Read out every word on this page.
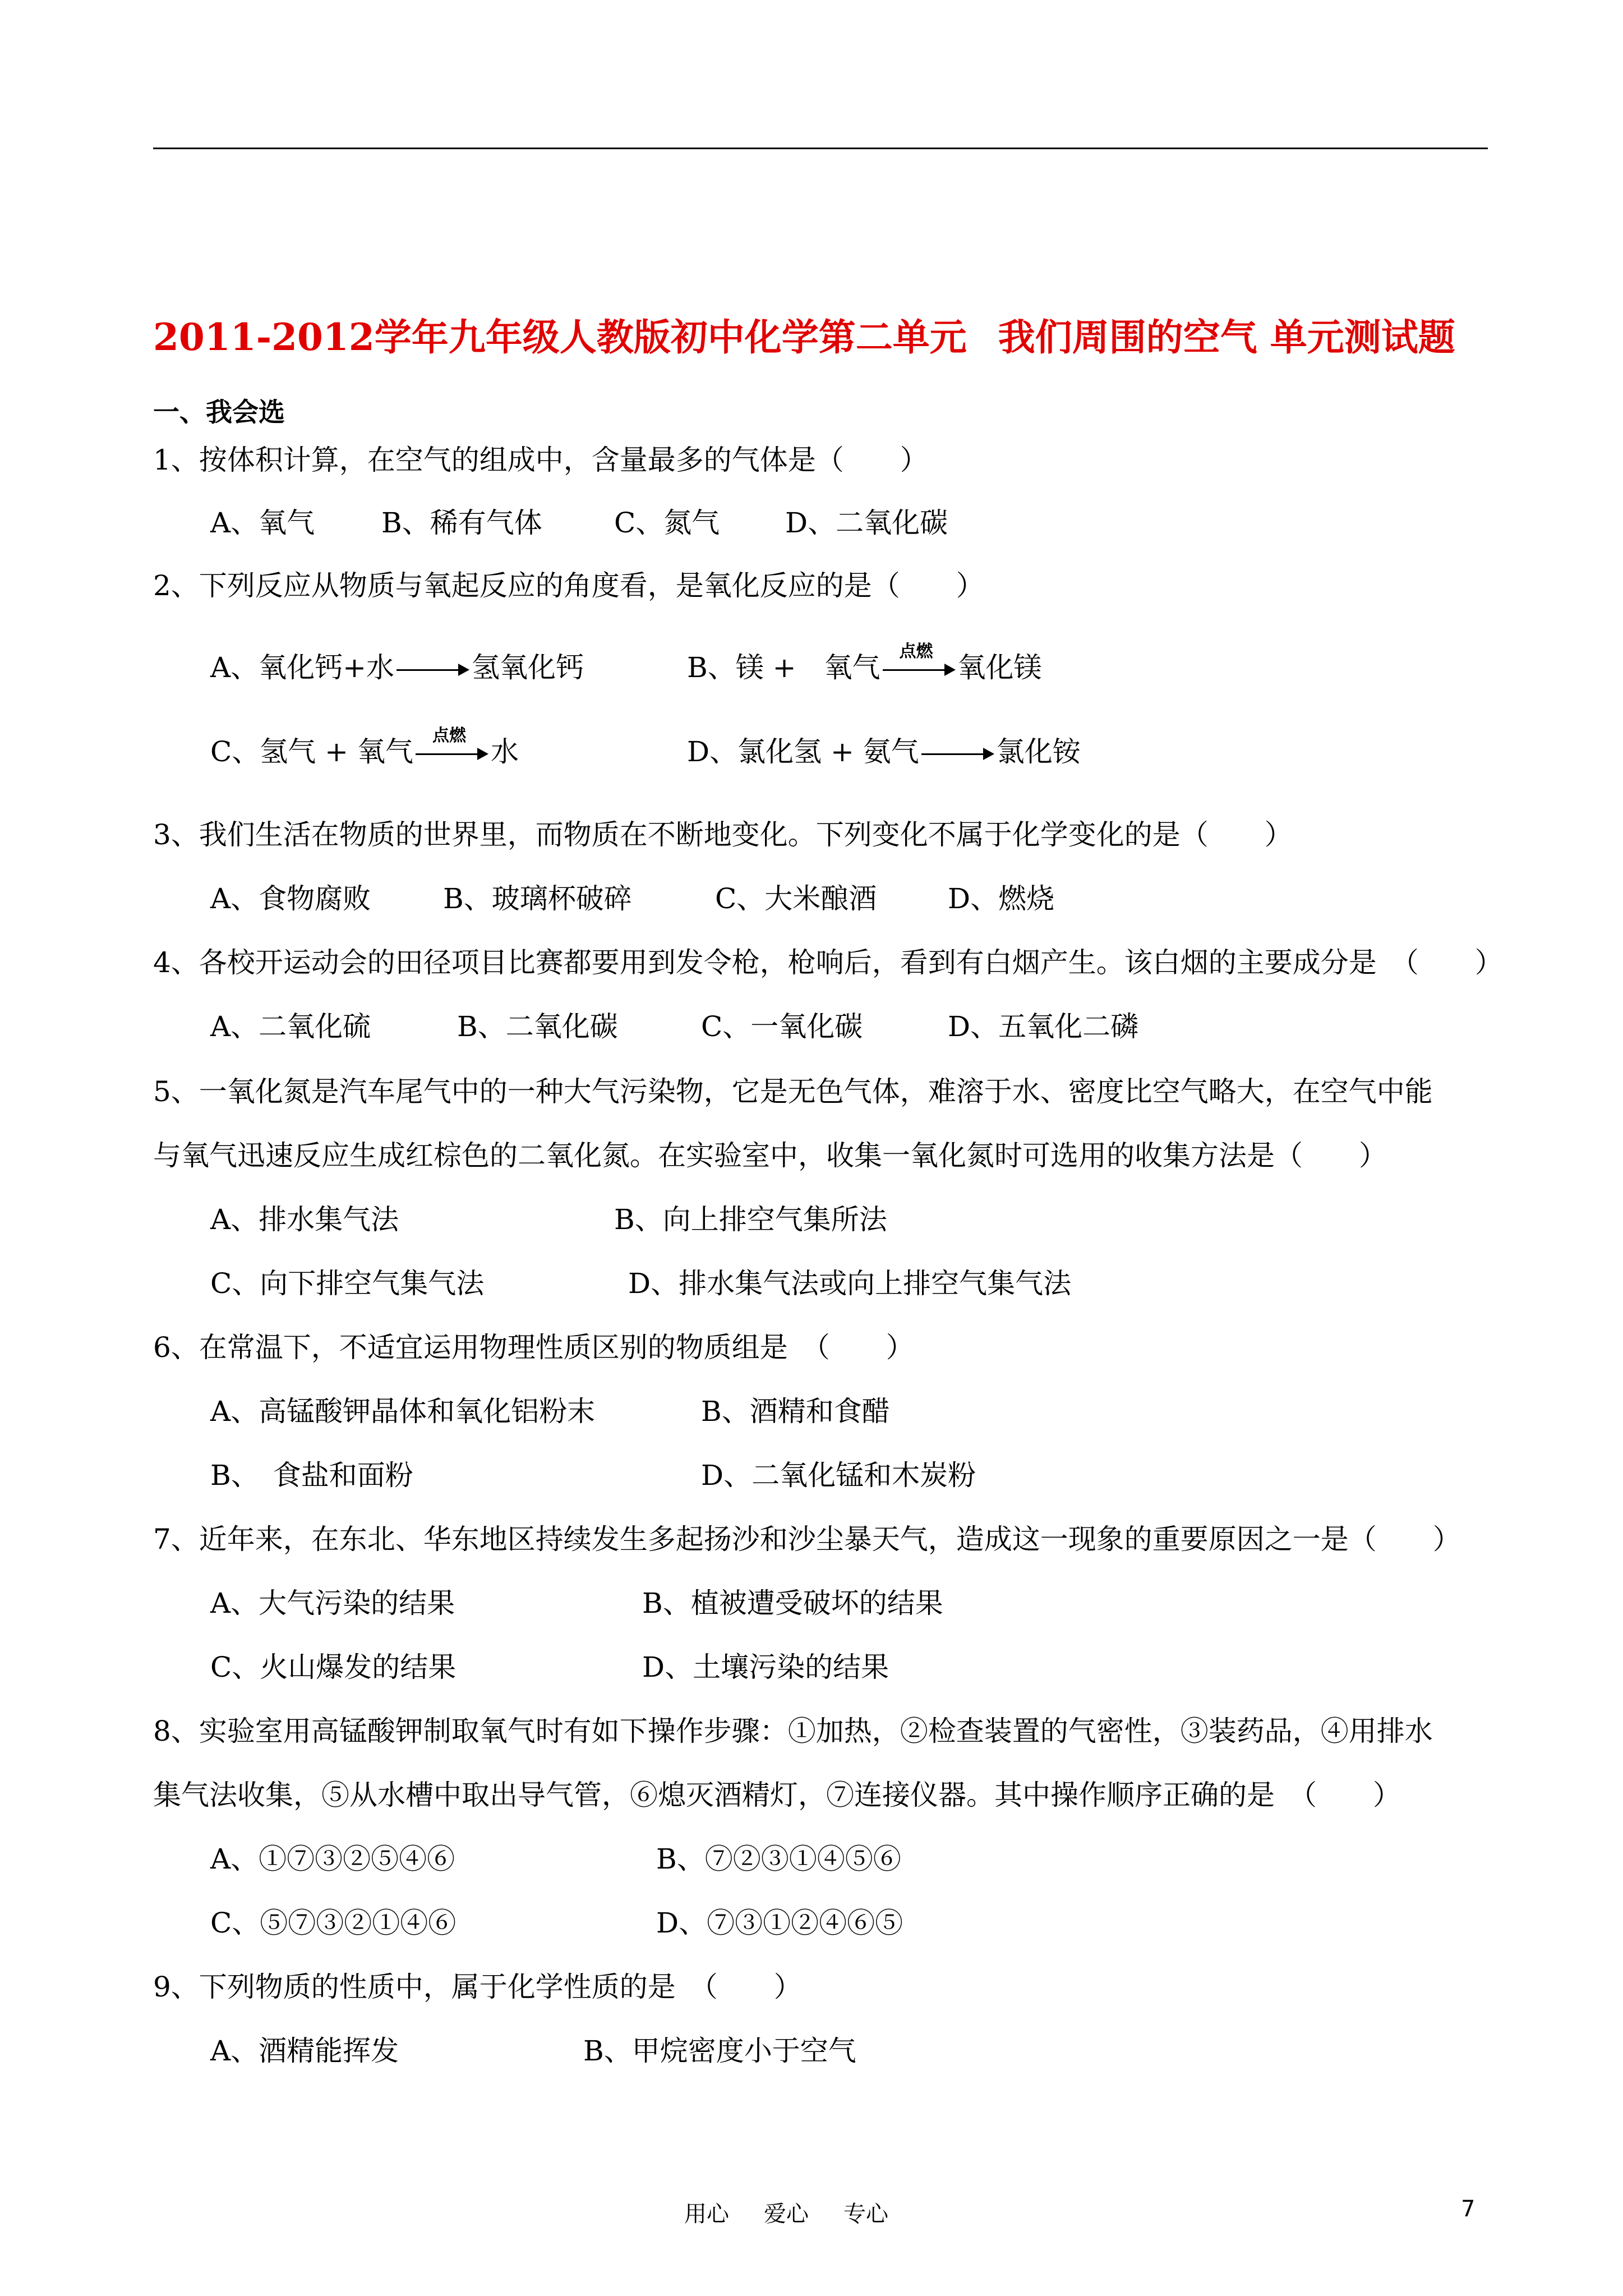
2011-2012学年九年级人教版初中化学第二单元 我们周围的空气 单元测试题
一、我会选
1、按体积计算，在空气的组成中，含量最多的气体是（　　）
A、氧气 B、稀有气体	C、氮气 D、二氧化碳
2、下列反应从物质与氧起反应的角度看，是氧化反应的是（　　）
A、氧化钙+水	氢氧化钙	B、镁 +　氧气	点燃 氧化镁
C、氢气 + 氧气	点燃 水	D、氯化氢 + 氨气	氯化铵
3、我们生活在物质的世界里，而物质在不断地变化。下列变化不属于化学变化的是（　　）
A、食物腐败	B、玻璃杯破碎	C、大米酿酒	D、燃烧
4、各校开运动会的田径项目比赛都要用到发令枪，枪响后，看到有白烟产生。该白烟的主要成分是　（　　）
A、二氧化硫	B、二氧化碳	C、一氧化碳	D、五氧化二磷
5、一氧化氮是汽车尾气中的一种大气污染物，它是无色气体，难溶于水、密度比空气略大，在空气中能
与氧气迅速反应生成红棕色的二氧化氮。在实验室中，收集一氧化氮时可选用的收集方法是（　　）
A、排水集气法	B、向上排空气集所法
C、向下排空气集气法	D、排水集气法或向上排空气集气法
6、在常温下，不适宜运用物理性质区别的物质组是　（　　）
A、高锰酸钾晶体和氧化铝粉末	B、酒精和食醋
B、　食盐和面粉	D、二氧化锰和木炭粉
7、近年来，在东北、华东地区持续发生多起扬沙和沙尘暴天气，造成这一现象的重要原因之一是（　　）
A、大气污染的结果	B、植被遭受破坏的结果
C、火山爆发的结果	D、土壤污染的结果
8、实验室用高锰酸钾制取氧气时有如下操作步骤：①加热，②检查装置的气密性，③装药品，④用排水
集气法收集，⑤从水槽中取出导气管，⑥熄灭酒精灯，⑦连接仪器。其中操作顺序正确的是　（　　）
A、①⑦③②⑤④⑥	B、⑦②③①④⑤⑥
C、⑤⑦③②①④⑥	D、⑦③①②④⑥⑤
9、下列物质的性质中，属于化学性质的是　（　　）
A、酒精能挥发	B、甲烷密度小于空气
用心 爱心 专心	7
